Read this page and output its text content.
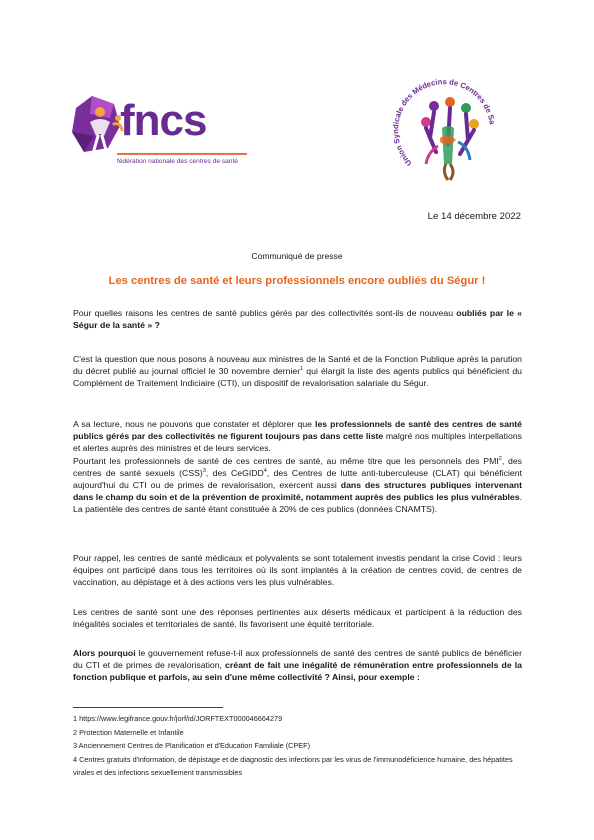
fncs
fédération nationale des centres de santé	Union Syndicale des Médecins de Centres de Sa
Le 14 décembre 2022
Communiqué de presse
Les centres de santé et leurs professionnels encore oubliés du Ségur !
Pour quelles raisons les centres de santé publics gérés par des collectivités sont-ils de nouveau oubliés par le « Ségur de la santé » ?
C'est la question que nous posons à nouveau aux ministres de la Santé et de la Fonction Publique après la parution du décret publié au journal officiel le 30 novembre dernier$^1$ qui élargit la liste des agents publics qui bénéficient du Complément de Traitement Indiciaire (CTI), un dispositif de revalorisation salariale du Ségur.
A sa lecture, nous ne pouvons que constater et déplorer que les professionnels de santé des centres de santé publics gérés par des collectivités ne figurent toujours pas dans cette liste malgré nos multiples interpellations et alertes auprès des ministres et de leurs services.
Pourtant les professionnels de santé de ces centres de santé, au même titre que les personnels des PMI$^2$, des centres de santé sexuels (CSS)$^3$, des CeGIDD$^4$, des Centres de lutte anti-tuberculeuse (CLAT) qui bénéficient aujourd'hui du CTI ou de primes de revalorisation, exercent aussi dans des structures publiques intervenant dans le champ du soin et de la prévention de proximité, notamment auprès des publics les plus vulnérables. La patientèle des centres de santé étant constituée à 20% de ces publics (données CNAMTS).
Pour rappel, les centres de santé médicaux et polyvalents se sont totalement investis pendant la crise Covid : leurs équipes ont participé dans tous les territoires où ils sont implantés à la création de centres covid, de centres de vaccination, au dépistage et à des actions vers les plus vulnérables.
Les centres de santé sont une des réponses pertinentes aux déserts médicaux et participent à la réduction des inégalités sociales et territoriales de santé. Ils favorisent une équité territoriale.
Alors pourquoi le gouvernement refuse-t-il aux professionnels de santé des centres de santé publics de bénéficier du CTI et de primes de revalorisation, créant de fait une inégalité de rémunération entre professionnels de la fonction publique et parfois, au sein d'une même collectivité ? Ainsi, pour exemple :
1 https://www.legifrance.gouv.fr/jorf/id/JORFTEXT000046664279
2 Protection Maternelle et Infantile
3 Anciennement Centres de Planification et d'Education Familiale (CPEF)
4 Centres gratuits d'information, de dépistage et de diagnostic des infections par les virus de l'immunodéficience humaine, des hépatites virales et des infections sexuellement transmissibles
